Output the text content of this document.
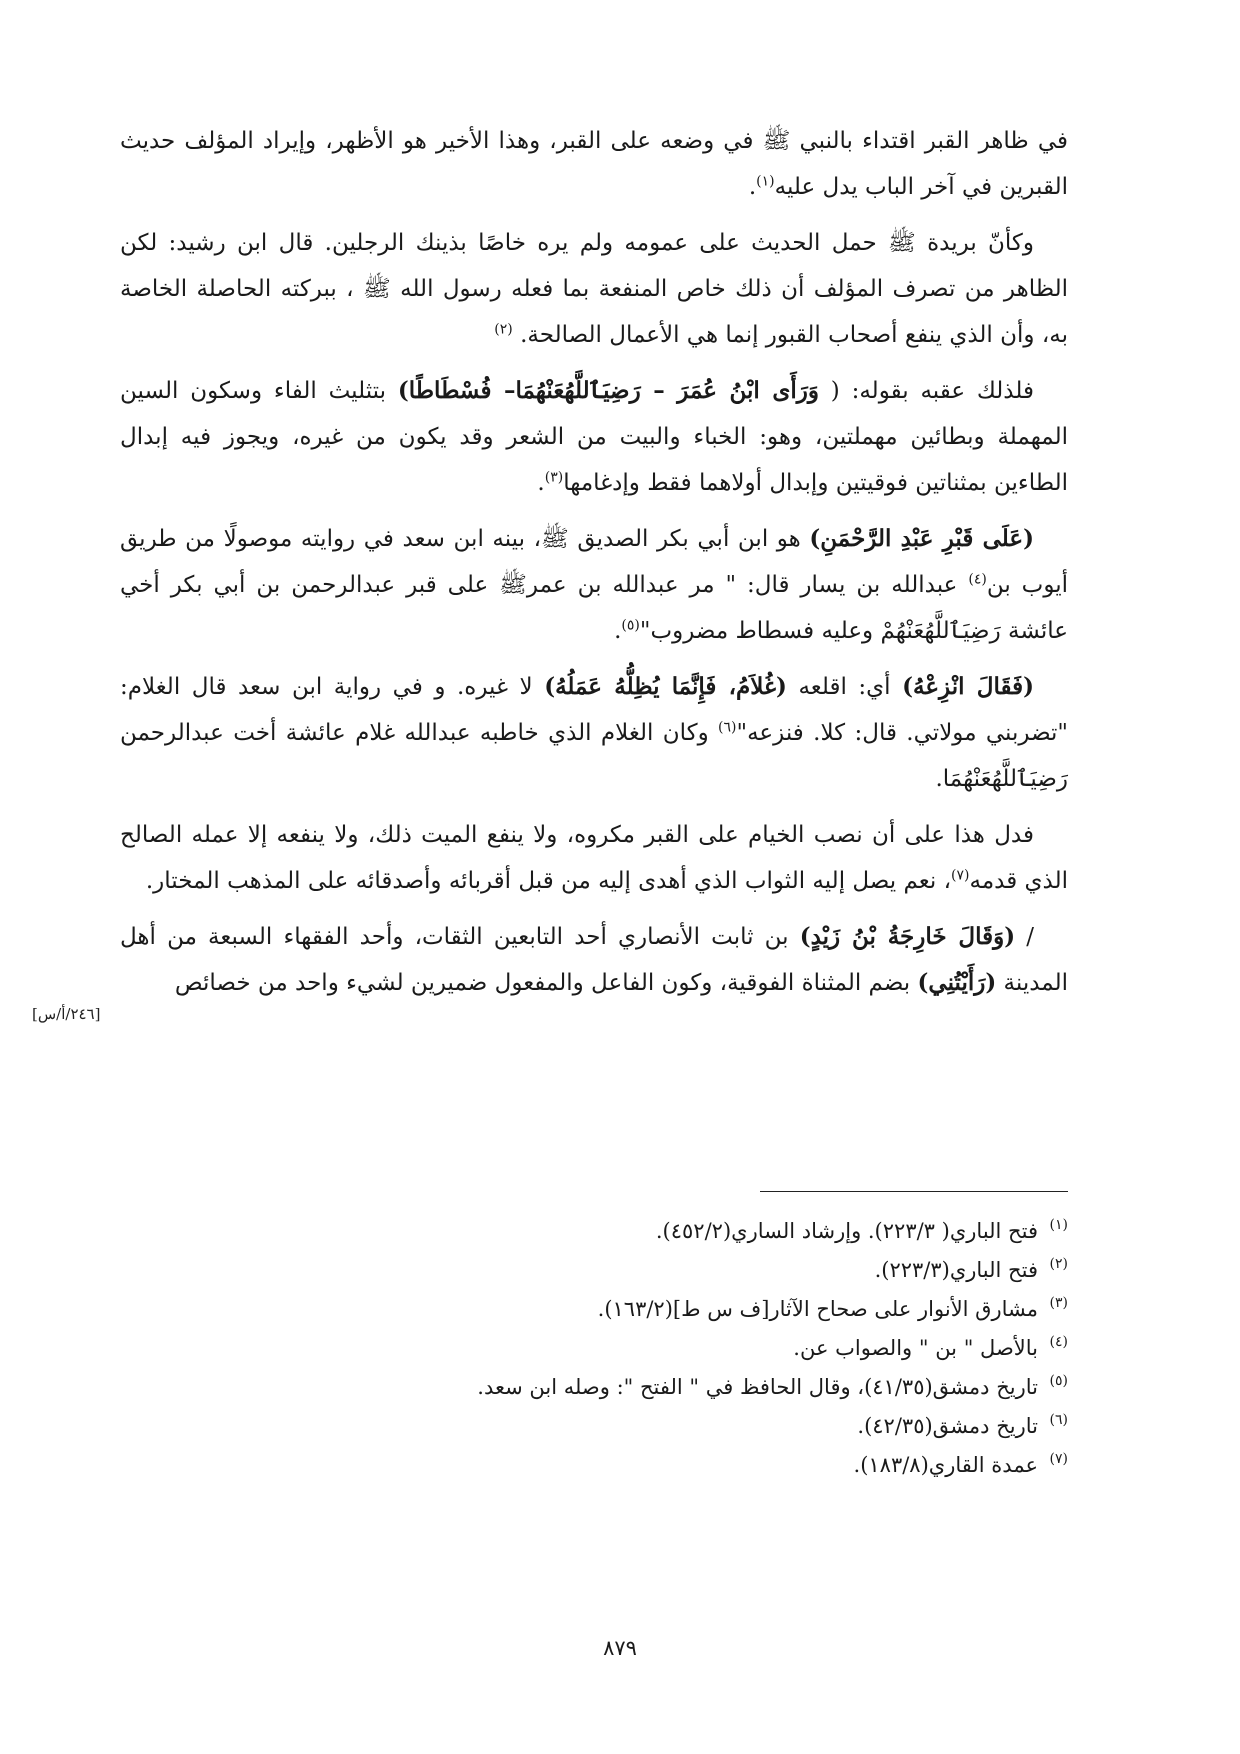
في ظاهر القبر اقتداء بالنبي ﷺ في وضعه على القبر، وهذا الأخير هو الأظهر، وإيراد المؤلف حديث القبرين في آخر الباب يدل عليه$^{(١)}$.

وكأنّ بريدة ﷺ حمل الحديث على عمومه ولم يره خاصًا بذينك الرجلين. قال ابن رشيد: لكن الظاهر من تصرف المؤلف أن ذلك خاص المنفعة بما فعله رسول الله ﷺ ، ببركته الحاصلة الخاصة به، وأن الذي ينفع أصحاب القبور إنما هي الأعمال الصالحة. $^{(٢)}$

فلذلك عقبه بقوله: ( وَرَأَى ابْنُ عُمَرَ – رَضِيَٱللَّهُعَنْهُمَا– فُسْطَاطًا) بتثليث الفاء وسكون السين المهملة وبطائين مهملتين، وهو: الخباء والبيت من الشعر وقد يكون من غيره، ويجوز فيه إبدال الطاءين بمثناتين فوقيتين وإبدال أولاهما فقط وإدغامها$^{(٣)}$.

(عَلَى قَبْرِ عَبْدِ الرَّحْمَنِ) هو ابن أبي بكر الصديق ﷺ، بينه ابن سعد في روايته موصولًا من طريق أيوب بن$^{(٤)}$ عبدالله بن يسار قال: " مر عبدالله بن عمرﷺ على قبر عبدالرحمن بن أبي بكر أخي عائشة رَضِيَٱللَّهُعَنْهُمْ وعليه فسطاط مضروب"$^{(٥)}$.

(فَقَالَ انْزِعْهُ) أي: اقلعه (غُلاَمُ، فَإِنَّمَا يُظِلُّهُ عَمَلُهُ) لا غيره. و في رواية ابن سعد قال الغلام: "تضربني مولاتي. قال: كلا. فنزعه"$^{(٦)}$ وكان الغلام الذي خاطبه عبدالله غلام عائشة أخت عبدالرحمن رَضِيَٱللَّهُعَنْهُمَا.

فدل هذا على أن نصب الخيام على القبر مكروه، ولا ينفع الميت ذلك، ولا ينفعه إلا عمله الصالح الذي قدمه$^{(٧)}$، نعم يصل إليه الثواب الذي أهدى إليه من قبل أقربائه وأصدقائه على المذهب المختار.

/ (وَقَالَ خَارِجَةُ بْنُ زَيْدٍ) بن ثابت الأنصاري أحد التابعين الثقات، وأحد الفقهاء السبعة من أهل المدينة (رَأَيْتُنِي) بضم المثناة الفوقية، وكون الفاعل والمفعول ضميرين لشيء واحد من خصائص

[٢٤٦/أ/س]
(١)
فتح الباري( ٢٢٣/٣). وإرشاد الساري(٤٥٢/٢).
(٢)
فتح الباري(٢٢٣/٣).
(٣)
مشارق الأنوار على صحاح الآثار[ف س ط](١٦٣/٢).
(٤)
بالأصل " بن " والصواب عن.
(٥)
تاريخ دمشق(٤١/٣٥)، وقال الحافظ في " الفتح ": وصله ابن سعد.
(٦)
تاريخ دمشق(٤٢/٣٥).
(٧)
عمدة القاري(١٨٣/٨).
٨٧٩
